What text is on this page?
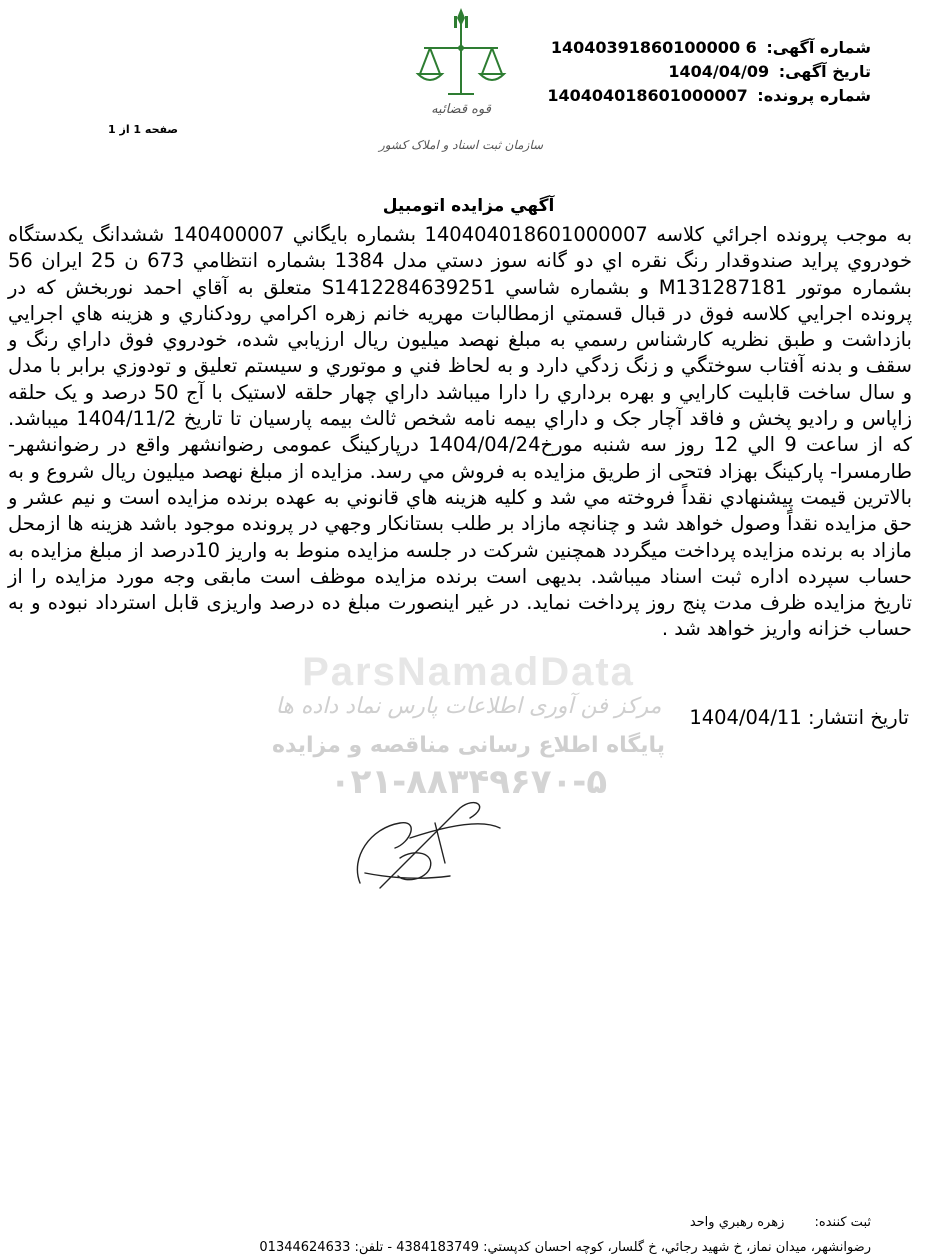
شماره آگهی: 14040391860100000 6
تاریخ آگهی: 1404/04/09
شماره پرونده: 140404018601000007
قوه قضائیه
سازمان ثبت اسناد و املاک کشور
صفحه 1 از 1
آگهي مزايده اتومبيل
ParsNamadData
مرکز فن آوری اطلاعات پارس نماد داده ها
پایگاه اطلاع رسانی مناقصه و مزایده
۰۲۱-۸۸۳۴۹۶۷۰-۵
به موجب پرونده اجرائي كلاسه 140404018601000007 بشماره بايگاني 140400007 ششدانگ يكدستگاه خودروي پرايد صندوقدار رنگ نقره اي دو گانه سوز دستي مدل 1384 بشماره انتظامي 673 ن 25 ايران 56 بشماره موتور M131287181 و بشماره شاسي S1412284639251 متعلق به آقاي احمد نوربخش كه در پرونده اجرايي كلاسه فوق در قبال قسمتي ازمطالبات مهريه خانم زهره اكرامي رودكناري و هزينه هاي اجرايي بازداشت و طبق نظريه كارشناس رسمي به مبلغ نهصد ميليون ريال ارزيابي شده، خودروي فوق داراي رنگ و سقف و بدنه آفتاب سوختگي و زنگ زدگي دارد و به لحاظ فني و موتوري و سيستم تعليق و تودوزي برابر با مدل و سال ساخت قابليت كارايي و بهره برداري را دارا ميباشد داراي چهار حلقه لاستيک با آج 50 درصد و يک حلقه زاپاس و راديو پخش و فاقد آچار جک و داراي بيمه نامه شخص ثالث بيمه پارسيان تا تاريخ 1404/11/2 ميباشد. كه از ساعت 9 الي 12 روز سه شنبه مورخ1404/04/24 درپاركينگ عمومی رضوانشهر واقع در رضوانشهر- طارمسرا- پاركينگ بهزاد فتحی از طريق مزايده به فروش مي رسد. مزايده از مبلغ نهصد ميليون ريال شروع و به بالاترين قيمت پيشنهادي نقداً فروخته مي شد و كليه هزينه هاي قانوني به عهده برنده مزايده است و نيم عشر و حق مزايده نقداً وصول خواهد شد و چنانچه مازاد بر طلب بستانكار وجهي در پرونده موجود باشد هزينه ها ازمحل مازاد به برنده مزايده پرداخت ميگردد همچنين شركت در جلسه مزايده منوط به واريز 10درصد از مبلغ مزايده به حساب سپرده اداره ثبت اسناد ميباشد. بديهی است برنده مزايده موظف است مابقی وجه مورد مزايده را از تاريخ مزايده ظرف مدت پنج روز پرداخت نمايد. در غير اينصورت مبلغ ده درصد واريزی قابل استرداد نبوده و به حساب خزانه واريز خواهد شد .
تاریخ انتشار: 1404/04/11
ثبت كننده: زهره رهبري واحد
رضوانشهر، ميدان نماز، خ شهيد رجائي، خ گلسار، كوچه احسان كدپستي: 4384183749 - تلفن: 01344624633
